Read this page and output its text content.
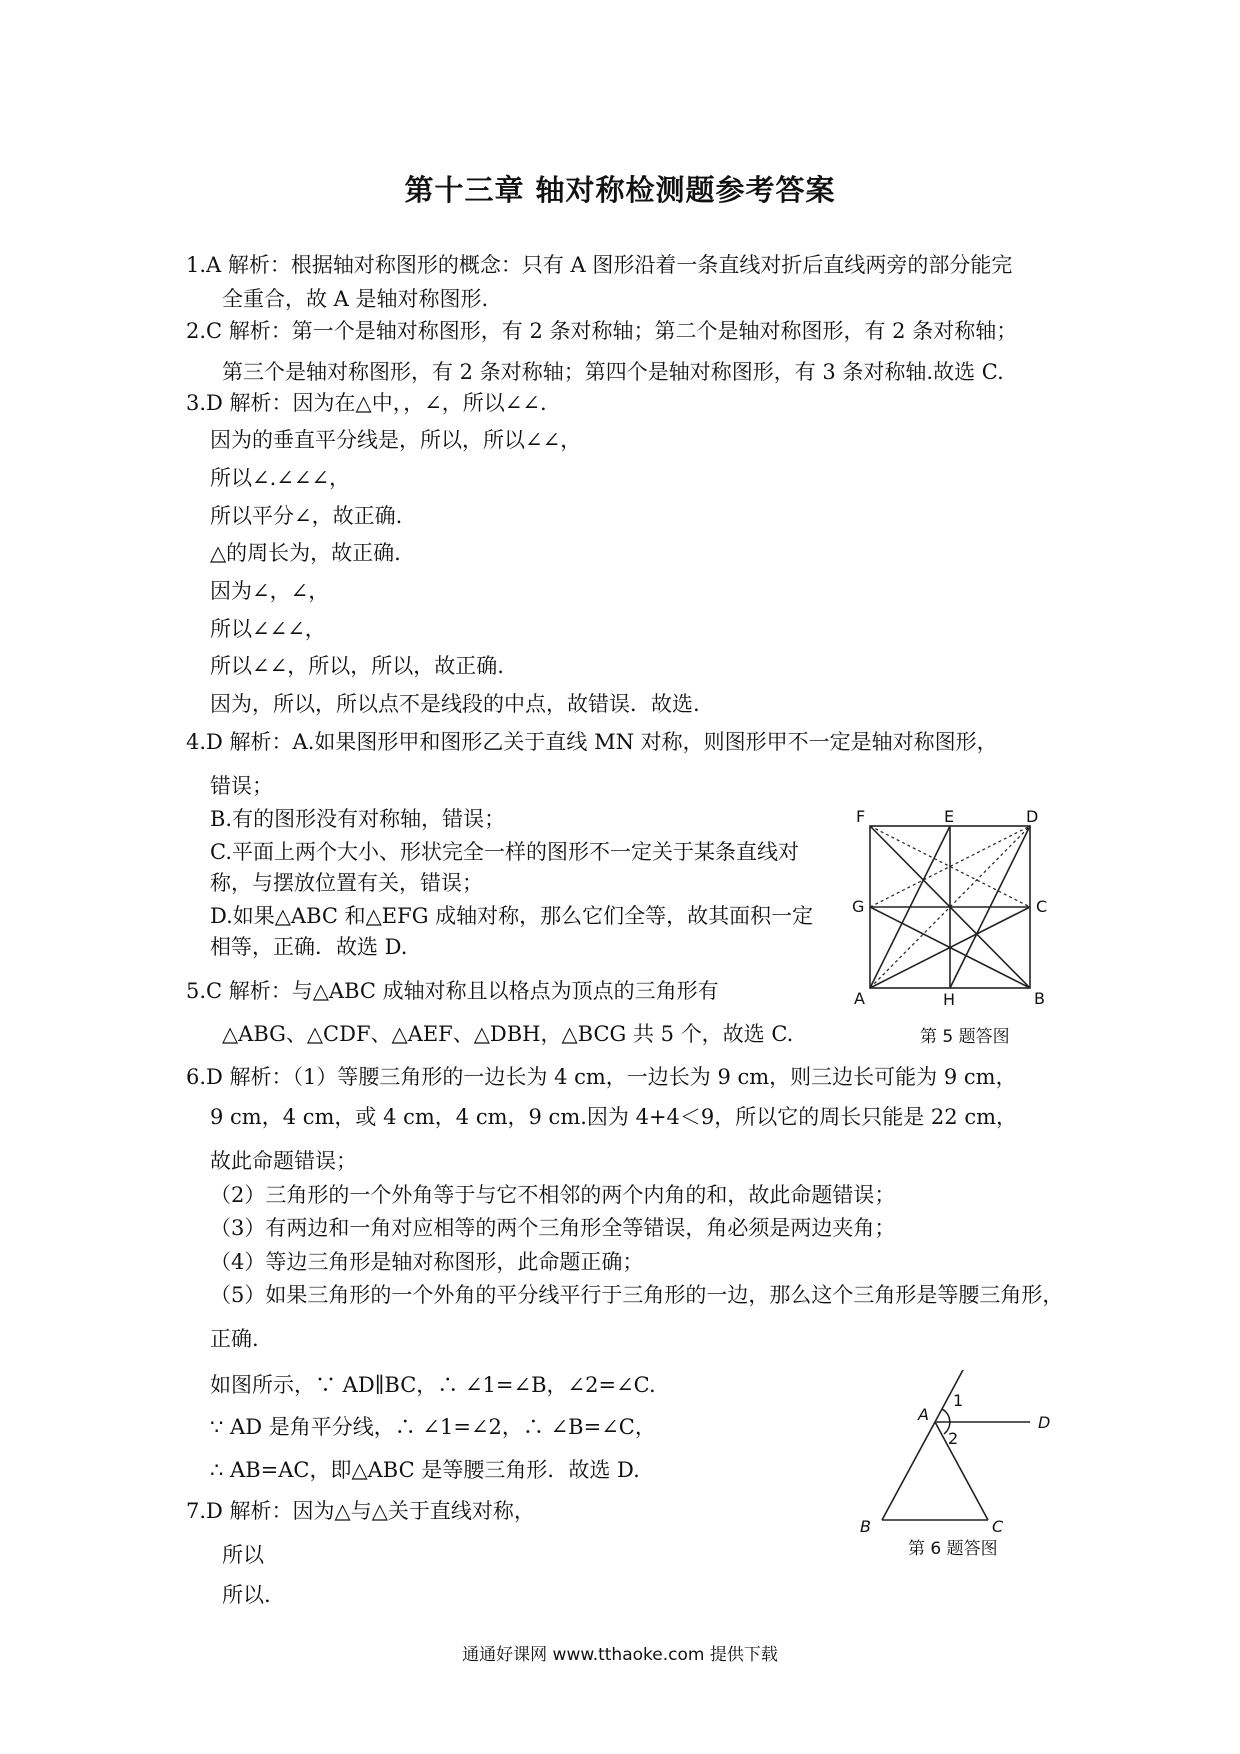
第十三章 轴对称检测题参考答案
1.A 解析：根据轴对称图形的概念：只有 A 图形沿着一条直线对折后直线两旁的部分能完
全重合，故 A 是轴对称图形.
2.C 解析：第一个是轴对称图形，有 2 条对称轴；第二个是轴对称图形，有 2 条对称轴；
第三个是轴对称图形，有 2 条对称轴；第四个是轴对称图形，有 3 条对称轴.故选 C.
3.D 解析：因为在△中，，∠，所以∠∠.
因为的垂直平分线是，所以，所以∠∠，
所以∠.∠∠∠，
所以平分∠，故正确.
△的周长为，故正确.
因为∠，∠，
所以∠∠∠，
所以∠∠，所以，所以，故正确.
因为，所以，所以点不是线段的中点，故错误．故选.
4.D 解析：A.如果图形甲和图形乙关于直线 MN 对称，则图形甲不一定是轴对称图形，
错误；
B.有的图形没有对称轴，错误；
C.平面上两个大小、形状完全一样的图形不一定关于某条直线对
称，与摆放位置有关，错误；
D.如果△ABC 和△EFG 成轴对称，那么它们全等，故其面积一定
相等，正确．故选 D.
5.C 解析：与△ABC 成轴对称且以格点为顶点的三角形有
△ABG、△CDF、△AEF、△DBH，△BCG 共 5 个，故选 C.
6.D 解析：（1）等腰三角形的一边长为 4 cm，一边长为 9 cm，则三边长可能为 9 cm，
9 cm，4 cm，或 4 cm，4 cm，9 cm.因为 4+4＜9，所以它的周长只能是 22 cm，
故此命题错误；
（2）三角形的一个外角等于与它不相邻的两个内角的和，故此命题错误；
（3）有两边和一角对应相等的两个三角形全等错误，角必须是两边夹角；
（4）等边三角形是轴对称图形，此命题正确；
（5）如果三角形的一个外角的平分线平行于三角形的一边，那么这个三角形是等腰三角形，
正确.
如图所示，∵ AD∥BC，∴ ∠1=∠B，∠2=∠C.
∵ AD 是角平分线，∴ ∠1=∠2，∴ ∠B=∠C，
∴ AB=AC，即△ABC 是等腰三角形．故选 D.
7.D 解析：因为△与△关于直线对称，
所以
所以.
F	E	D
G	C
A	H	B
第 5 题答图
A
1
2
D
B	C
第 6 题答图
通通好课网 www.tthaoke.com 提供下载
